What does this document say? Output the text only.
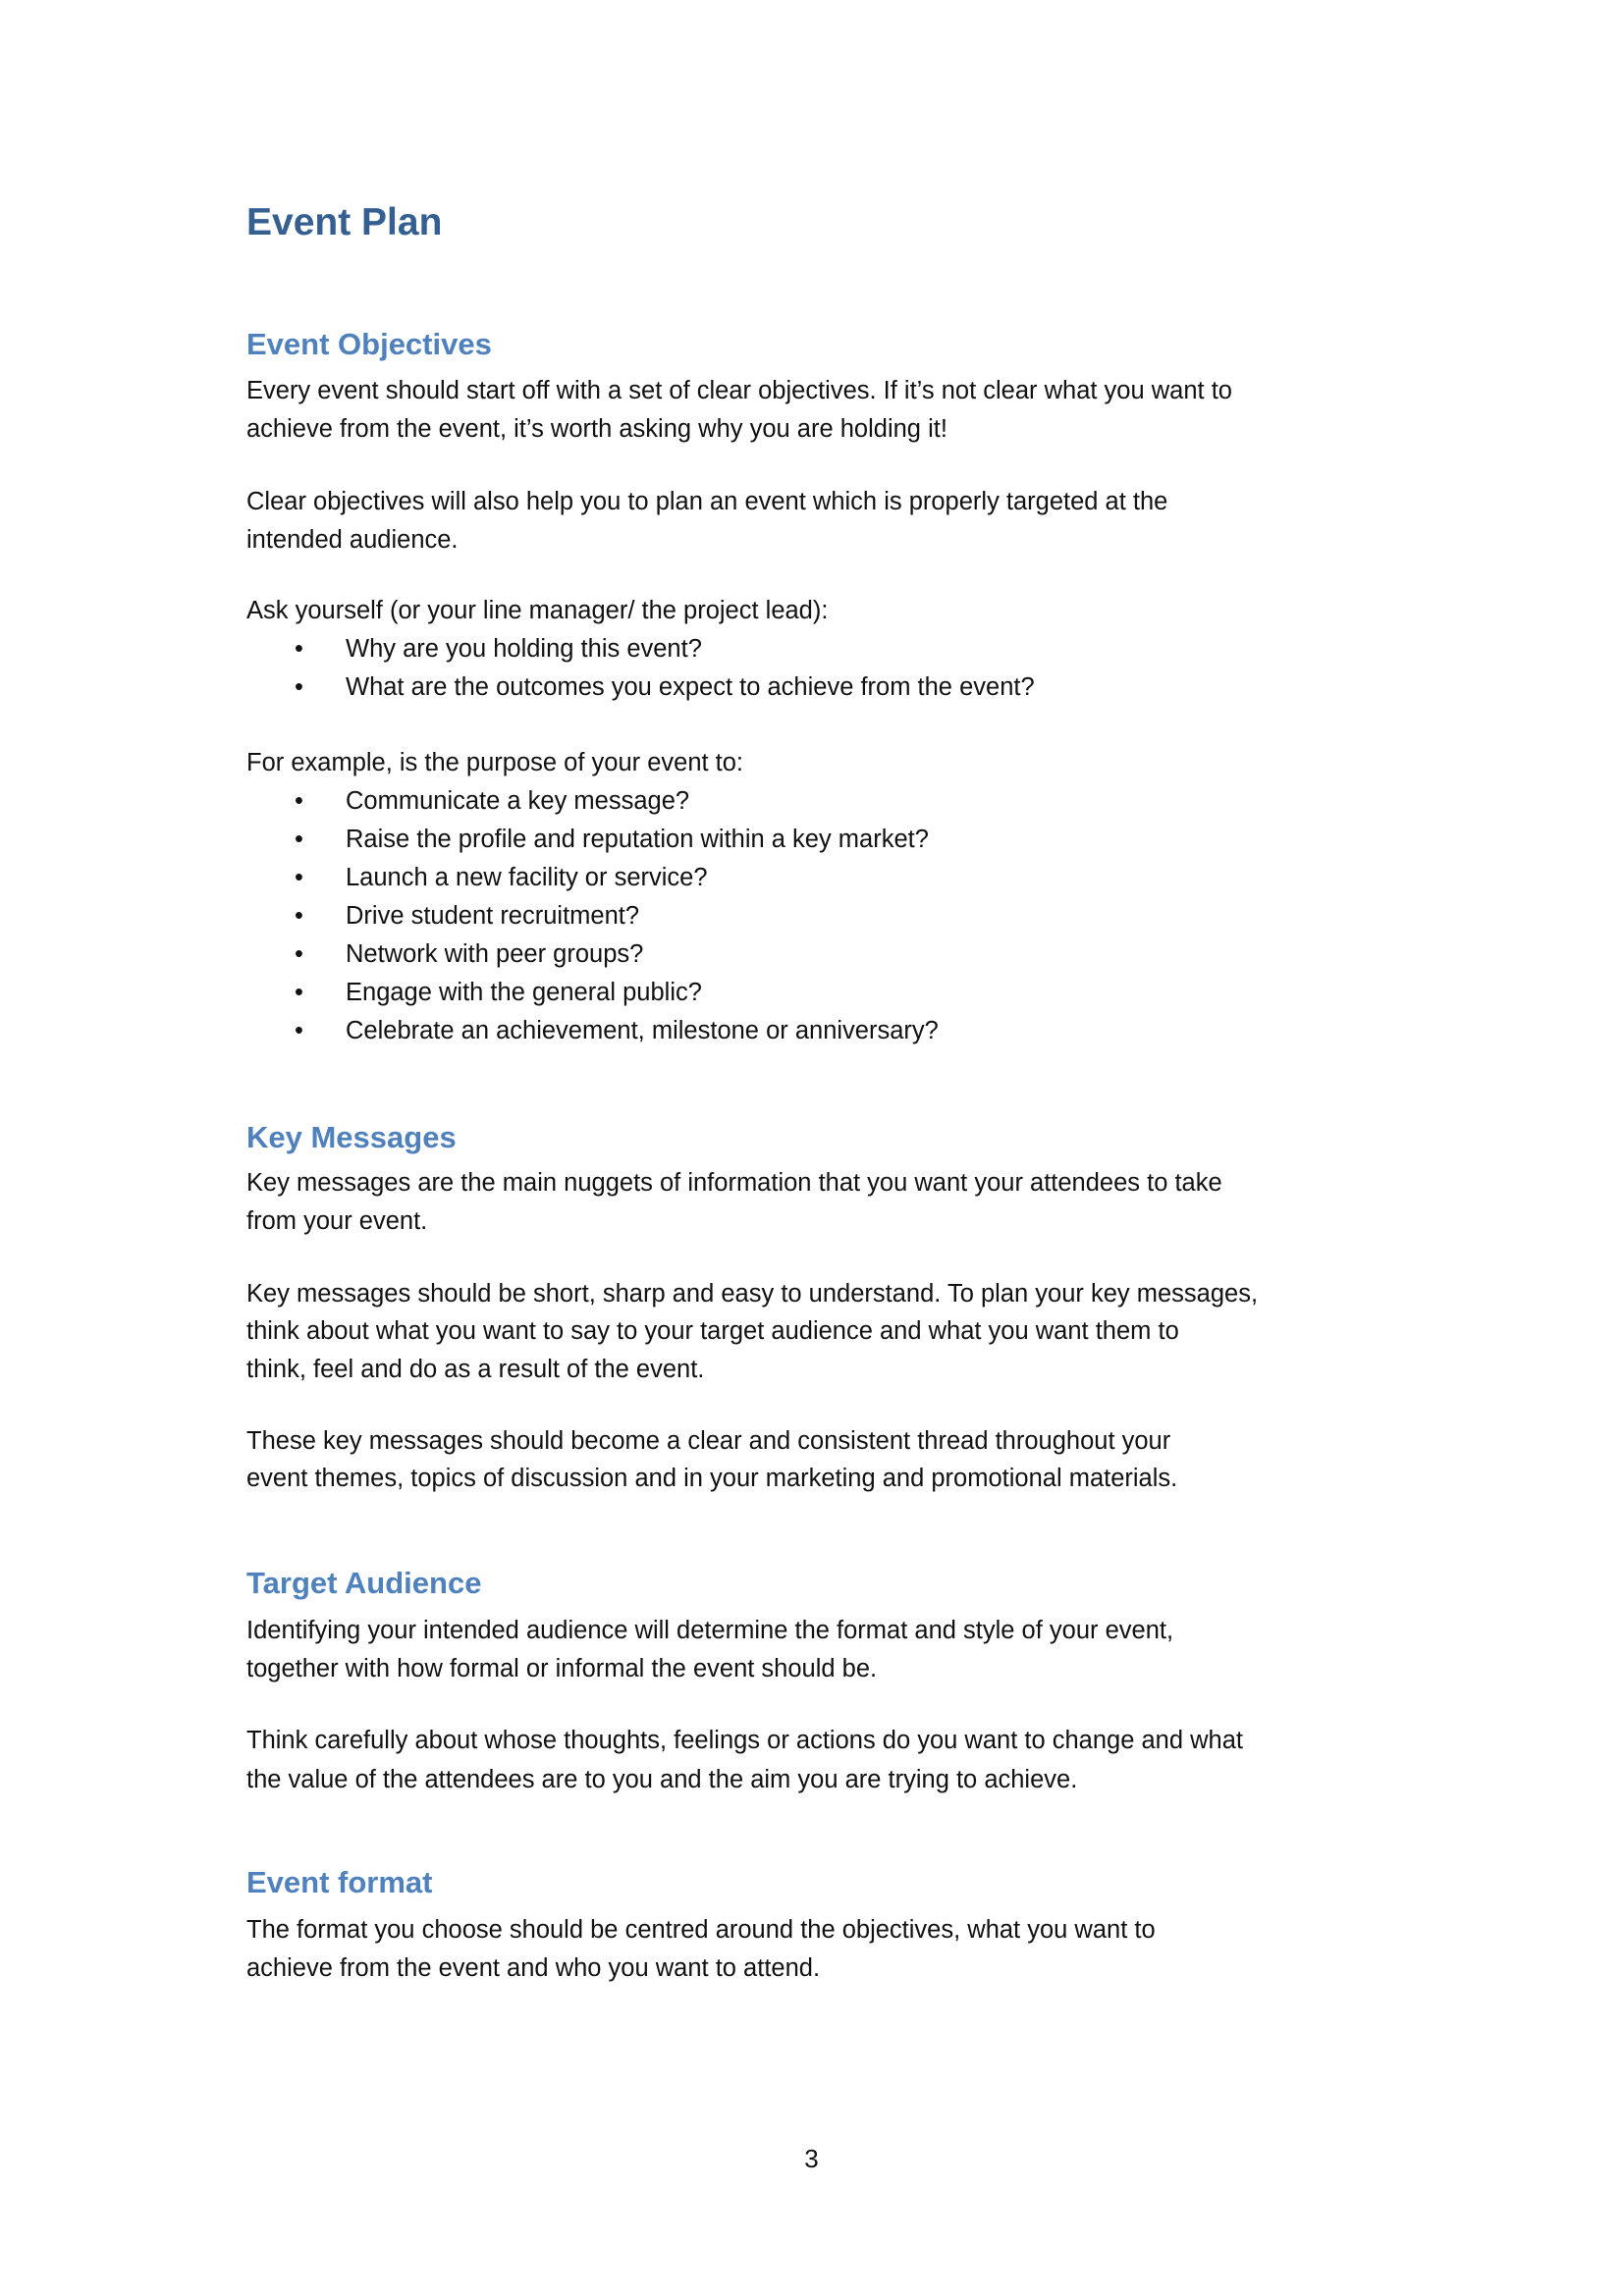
Event Plan
Event Objectives
Every event should start off with a set of clear objectives. If it’s not clear what you want to
achieve from the event, it’s worth asking why you are holding it!
Clear objectives will also help you to plan an event which is properly targeted at the
intended audience.
Ask yourself (or your line manager/ the project lead):
• Why are you holding this event?
• What are the outcomes you expect to achieve from the event?
For example, is the purpose of your event to:
• Communicate a key message?
• Raise the profile and reputation within a key market?
• Launch a new facility or service?
• Drive student recruitment?
• Network with peer groups?
• Engage with the general public?
• Celebrate an achievement, milestone or anniversary?
Key Messages
Key messages are the main nuggets of information that you want your attendees to take
from your event.
Key messages should be short, sharp and easy to understand. To plan your key messages,
think about what you want to say to your target audience and what you want them to
think, feel and do as a result of the event.
These key messages should become a clear and consistent thread throughout your
event themes, topics of discussion and in your marketing and promotional materials.
Target Audience
Identifying your intended audience will determine the format and style of your event,
together with how formal or informal the event should be.
Think carefully about whose thoughts, feelings or actions do you want to change and what
the value of the attendees are to you and the aim you are trying to achieve.
Event format
The format you choose should be centred around the objectives, what you want to
achieve from the event and who you want to attend.
3
